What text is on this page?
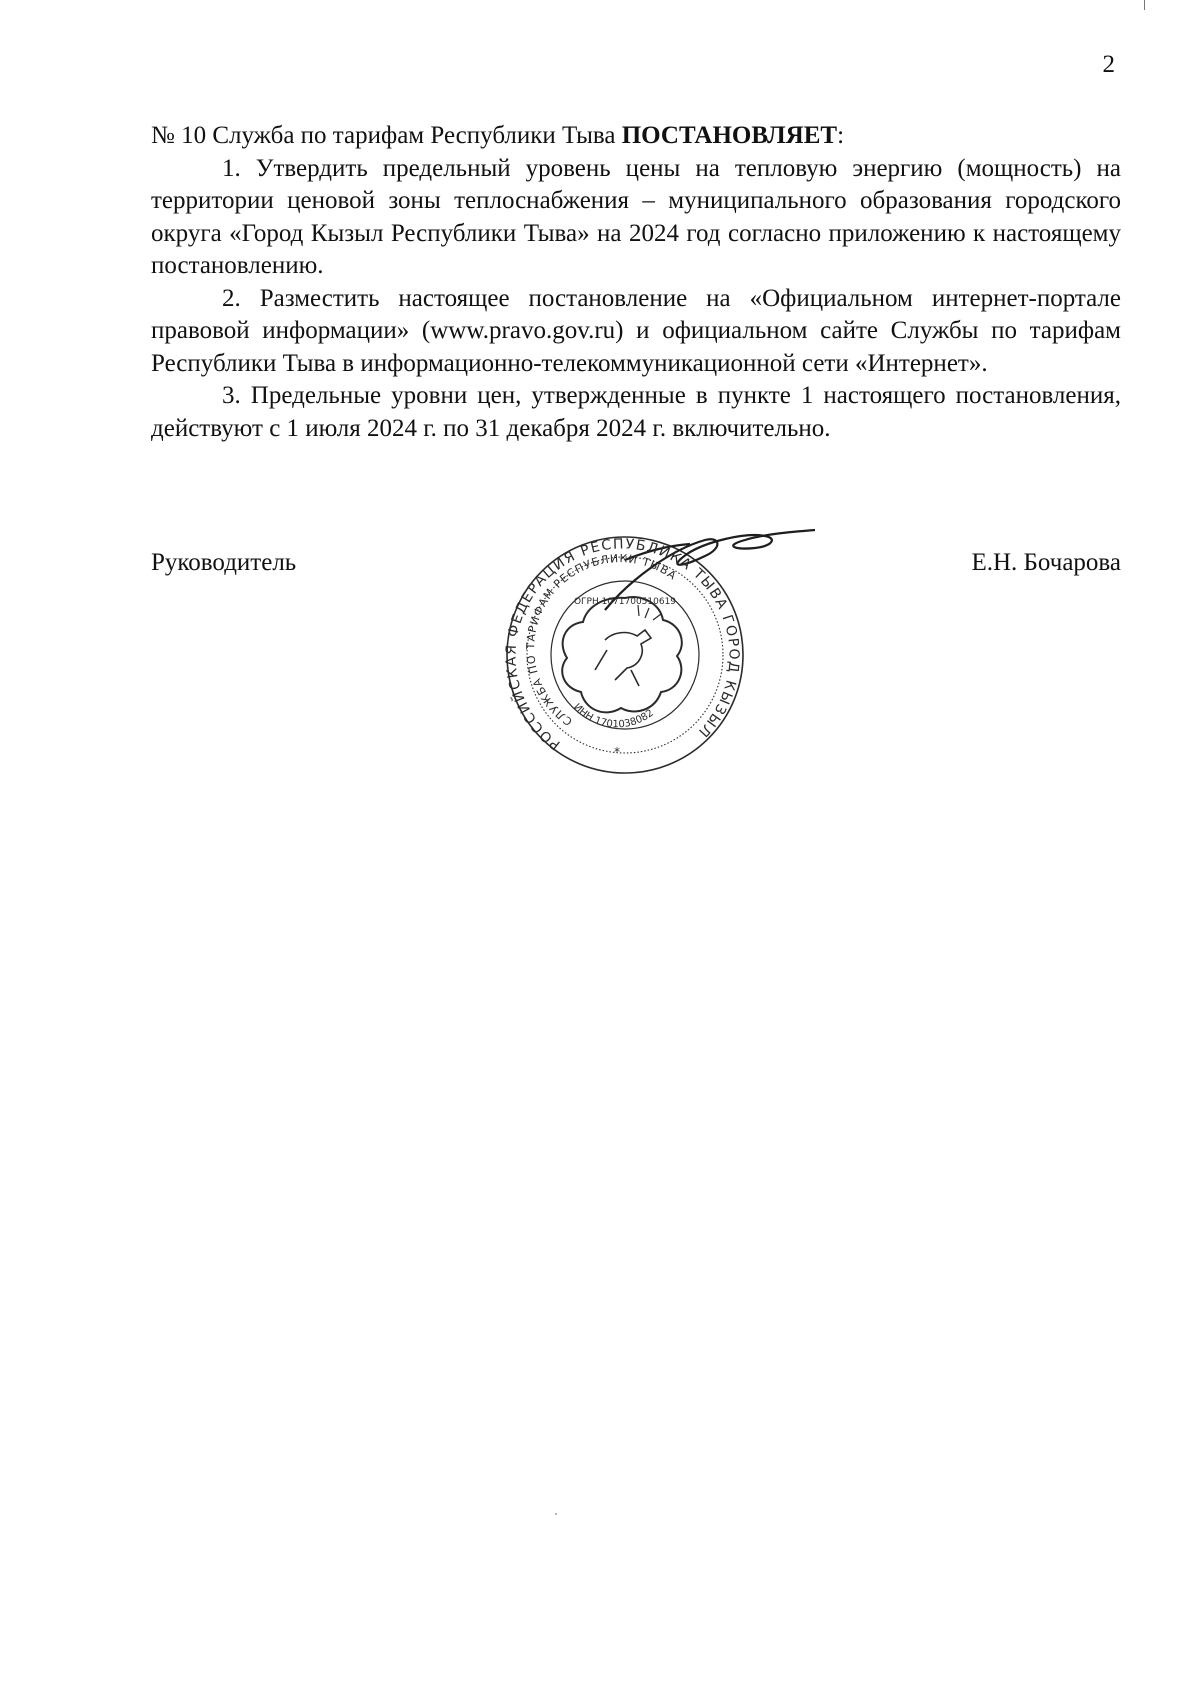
2

№ 10 Служба по тарифам Республики Тыва ПОСТАНОВЛЯЕТ:

1. Утвердить предельный уровень цены на тепловую энергию (мощность) на территории ценовой зоны теплоснабжения – муниципального образования городского округа «Город Кызыл Республики Тыва» на 2024 год согласно приложению к настоящему постановлению.

2. Разместить настоящее постановление на «Официальном интернет-портале правовой информации» (www.pravo.gov.ru) и официальном сайте Службы по тарифам Республики Тыва в информационно-телекоммуникационной сети «Интернет».

3. Предельные уровни цен, утвержденные в пункте 1 настоящего постановления, действуют с 1 июля 2024 г. по 31 декабря 2024 г. включительно.

Руководитель	Е.Н. Бочарова
РОССИЙСКАЯ ФЕДЕРАЦИЯ РЕСПУБЛИКА ТЫВА ГОРОД КЫЗЫЛ
СЛУЖБА ПО ТАРИФАМ РЕСПУБЛИКИ ТЫВА
ОГРН 1071700510619
ИНН 1701038082
*
